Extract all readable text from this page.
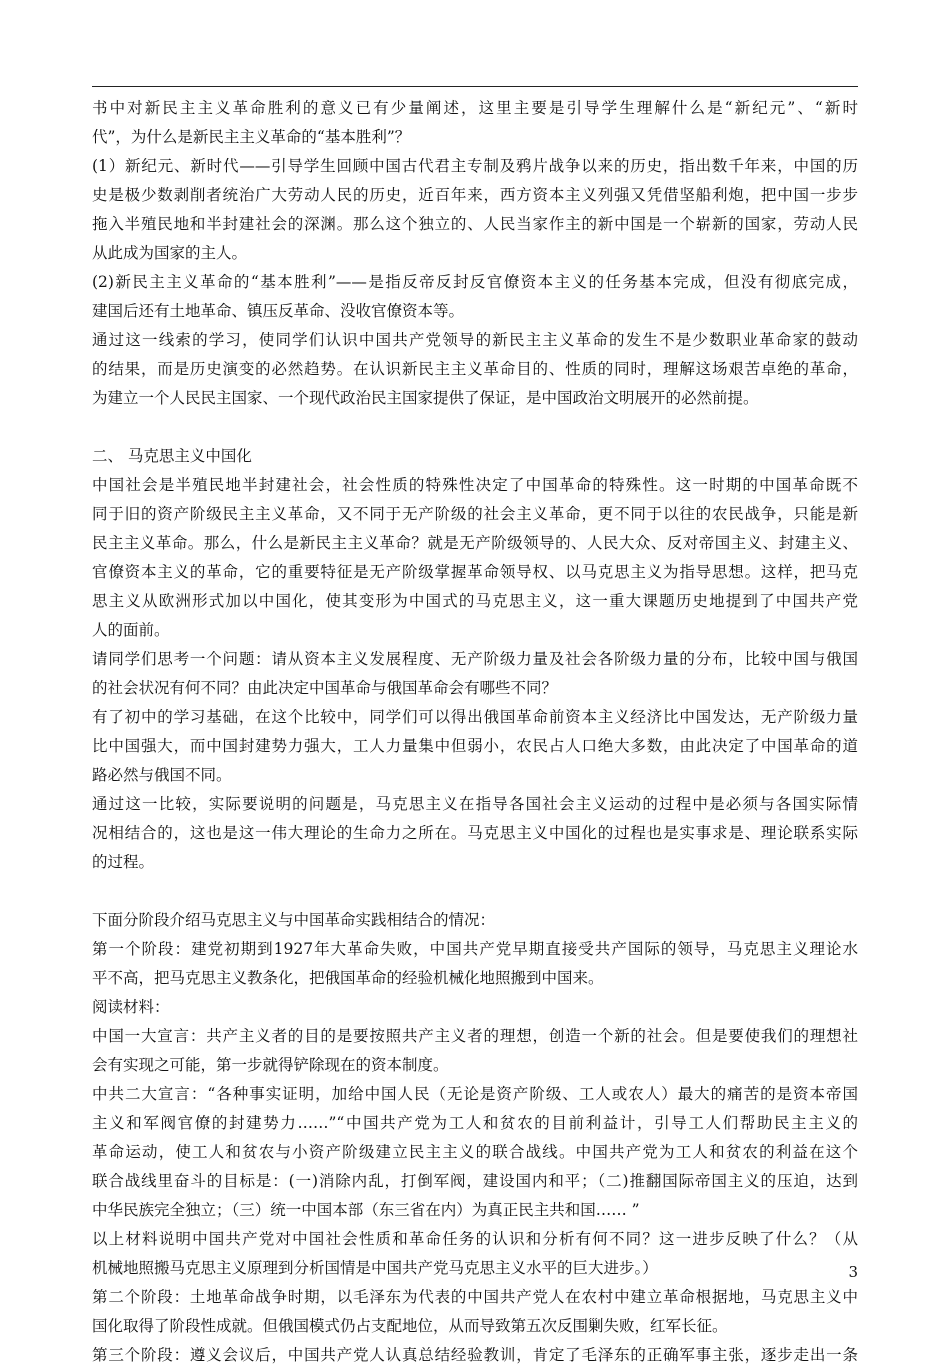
书中对新民主主义革命胜利的意义已有少量阐述，这里主要是引导学生理解什么是“新纪元”、“新时
代”，为什么是新民主主义革命的“基本胜利”？
(1）新纪元、新时代——引导学生回顾中国古代君主专制及鸦片战争以来的历史，指出数千年来，中国的历
史是极少数剥削者统治广大劳动人民的历史，近百年来，西方资本主义列强又凭借坚船利炮，把中国一步步
拖入半殖民地和半封建社会的深渊。那么这个独立的、人民当家作主的新中国是一个崭新的国家，劳动人民
从此成为国家的主人。
(2)新民主主义革命的“基本胜利”——是指反帝反封反官僚资本主义的任务基本完成，但没有彻底完成，
建国后还有土地革命、镇压反革命、没收官僚资本等。
通过这一线索的学习，使同学们认识中国共产党领导的新民主主义革命的发生不是少数职业革命家的鼓动
的结果，而是历史演变的必然趋势。在认识新民主主义革命目的、性质的同时，理解这场艰苦卓绝的革命，
为建立一个人民民主国家、一个现代政治民主国家提供了保证，是中国政治文明展开的必然前提。
二、 马克思主义中国化
中国社会是半殖民地半封建社会，社会性质的特殊性决定了中国革命的特殊性。这一时期的中国革命既不
同于旧的资产阶级民主主义革命，又不同于无产阶级的社会主义革命，更不同于以往的农民战争，只能是新
民主主义革命。那么，什么是新民主主义革命？就是无产阶级领导的、人民大众、反对帝国主义、封建主义、
官僚资本主义的革命，它的重要特征是无产阶级掌握革命领导权、以马克思主义为指导思想。这样，把马克
思主义从欧洲形式加以中国化，使其变形为中国式的马克思主义，这一重大课题历史地提到了中国共产党
人的面前。
请同学们思考一个问题：请从资本主义发展程度、无产阶级力量及社会各阶级力量的分布，比较中国与俄国
的社会状况有何不同？由此决定中国革命与俄国革命会有哪些不同？
有了初中的学习基础，在这个比较中，同学们可以得出俄国革命前资本主义经济比中国发达，无产阶级力量
比中国强大，而中国封建势力强大，工人力量集中但弱小，农民占人口绝大多数，由此决定了中国革命的道
路必然与俄国不同。
通过这一比较，实际要说明的问题是，马克思主义在指导各国社会主义运动的过程中是必须与各国实际情
况相结合的，这也是这一伟大理论的生命力之所在。马克思主义中国化的过程也是实事求是、理论联系实际
的过程。
下面分阶段介绍马克思主义与中国革命实践相结合的情况：
第一个阶段：建党初期到1927年大革命失败，中国共产党早期直接受共产国际的领导，马克思主义理论水
平不高，把马克思主义教条化，把俄国革命的经验机械化地照搬到中国来。
阅读材料：
中国一大宣言：共产主义者的目的是要按照共产主义者的理想，创造一个新的社会。但是要使我们的理想社
会有实现之可能，第一步就得铲除现在的资本制度。
中共二大宣言：“各种事实证明，加给中国人民（无论是资产阶级、工人或农人）最大的痛苦的是资本帝国
主义和军阀官僚的封建势力……”“中国共产党为工人和贫农的目前利益计，引导工人们帮助民主主义的
革命运动，使工人和贫农与小资产阶级建立民主主义的联合战线。中国共产党为工人和贫农的利益在这个
联合战线里奋斗的目标是：(一)消除内乱，打倒军阀，建设国内和平；（二)推翻国际帝国主义的压迫，达到
中华民族完全独立；（三）统一中国本部（东三省在内）为真正民主共和国…… ”
以上材料说明中国共产党对中国社会性质和革命任务的认识和分析有何不同？这一进步反映了什么？（从
机械地照搬马克思主义原理到分析国情是中国共产党马克思主义水平的巨大进步。）
第二个阶段：土地革命战争时期，以毛泽东为代表的中国共产党人在农村中建立革命根据地，马克思主义中
国化取得了阶段性成就。但俄国模式仍占支配地位，从而导致第五次反围剿失败，红军长征。
第三个阶段：遵义会议后，中国共产党人认真总结经验教训，肯定了毛泽东的正确军事主张，逐步走出一条
3
